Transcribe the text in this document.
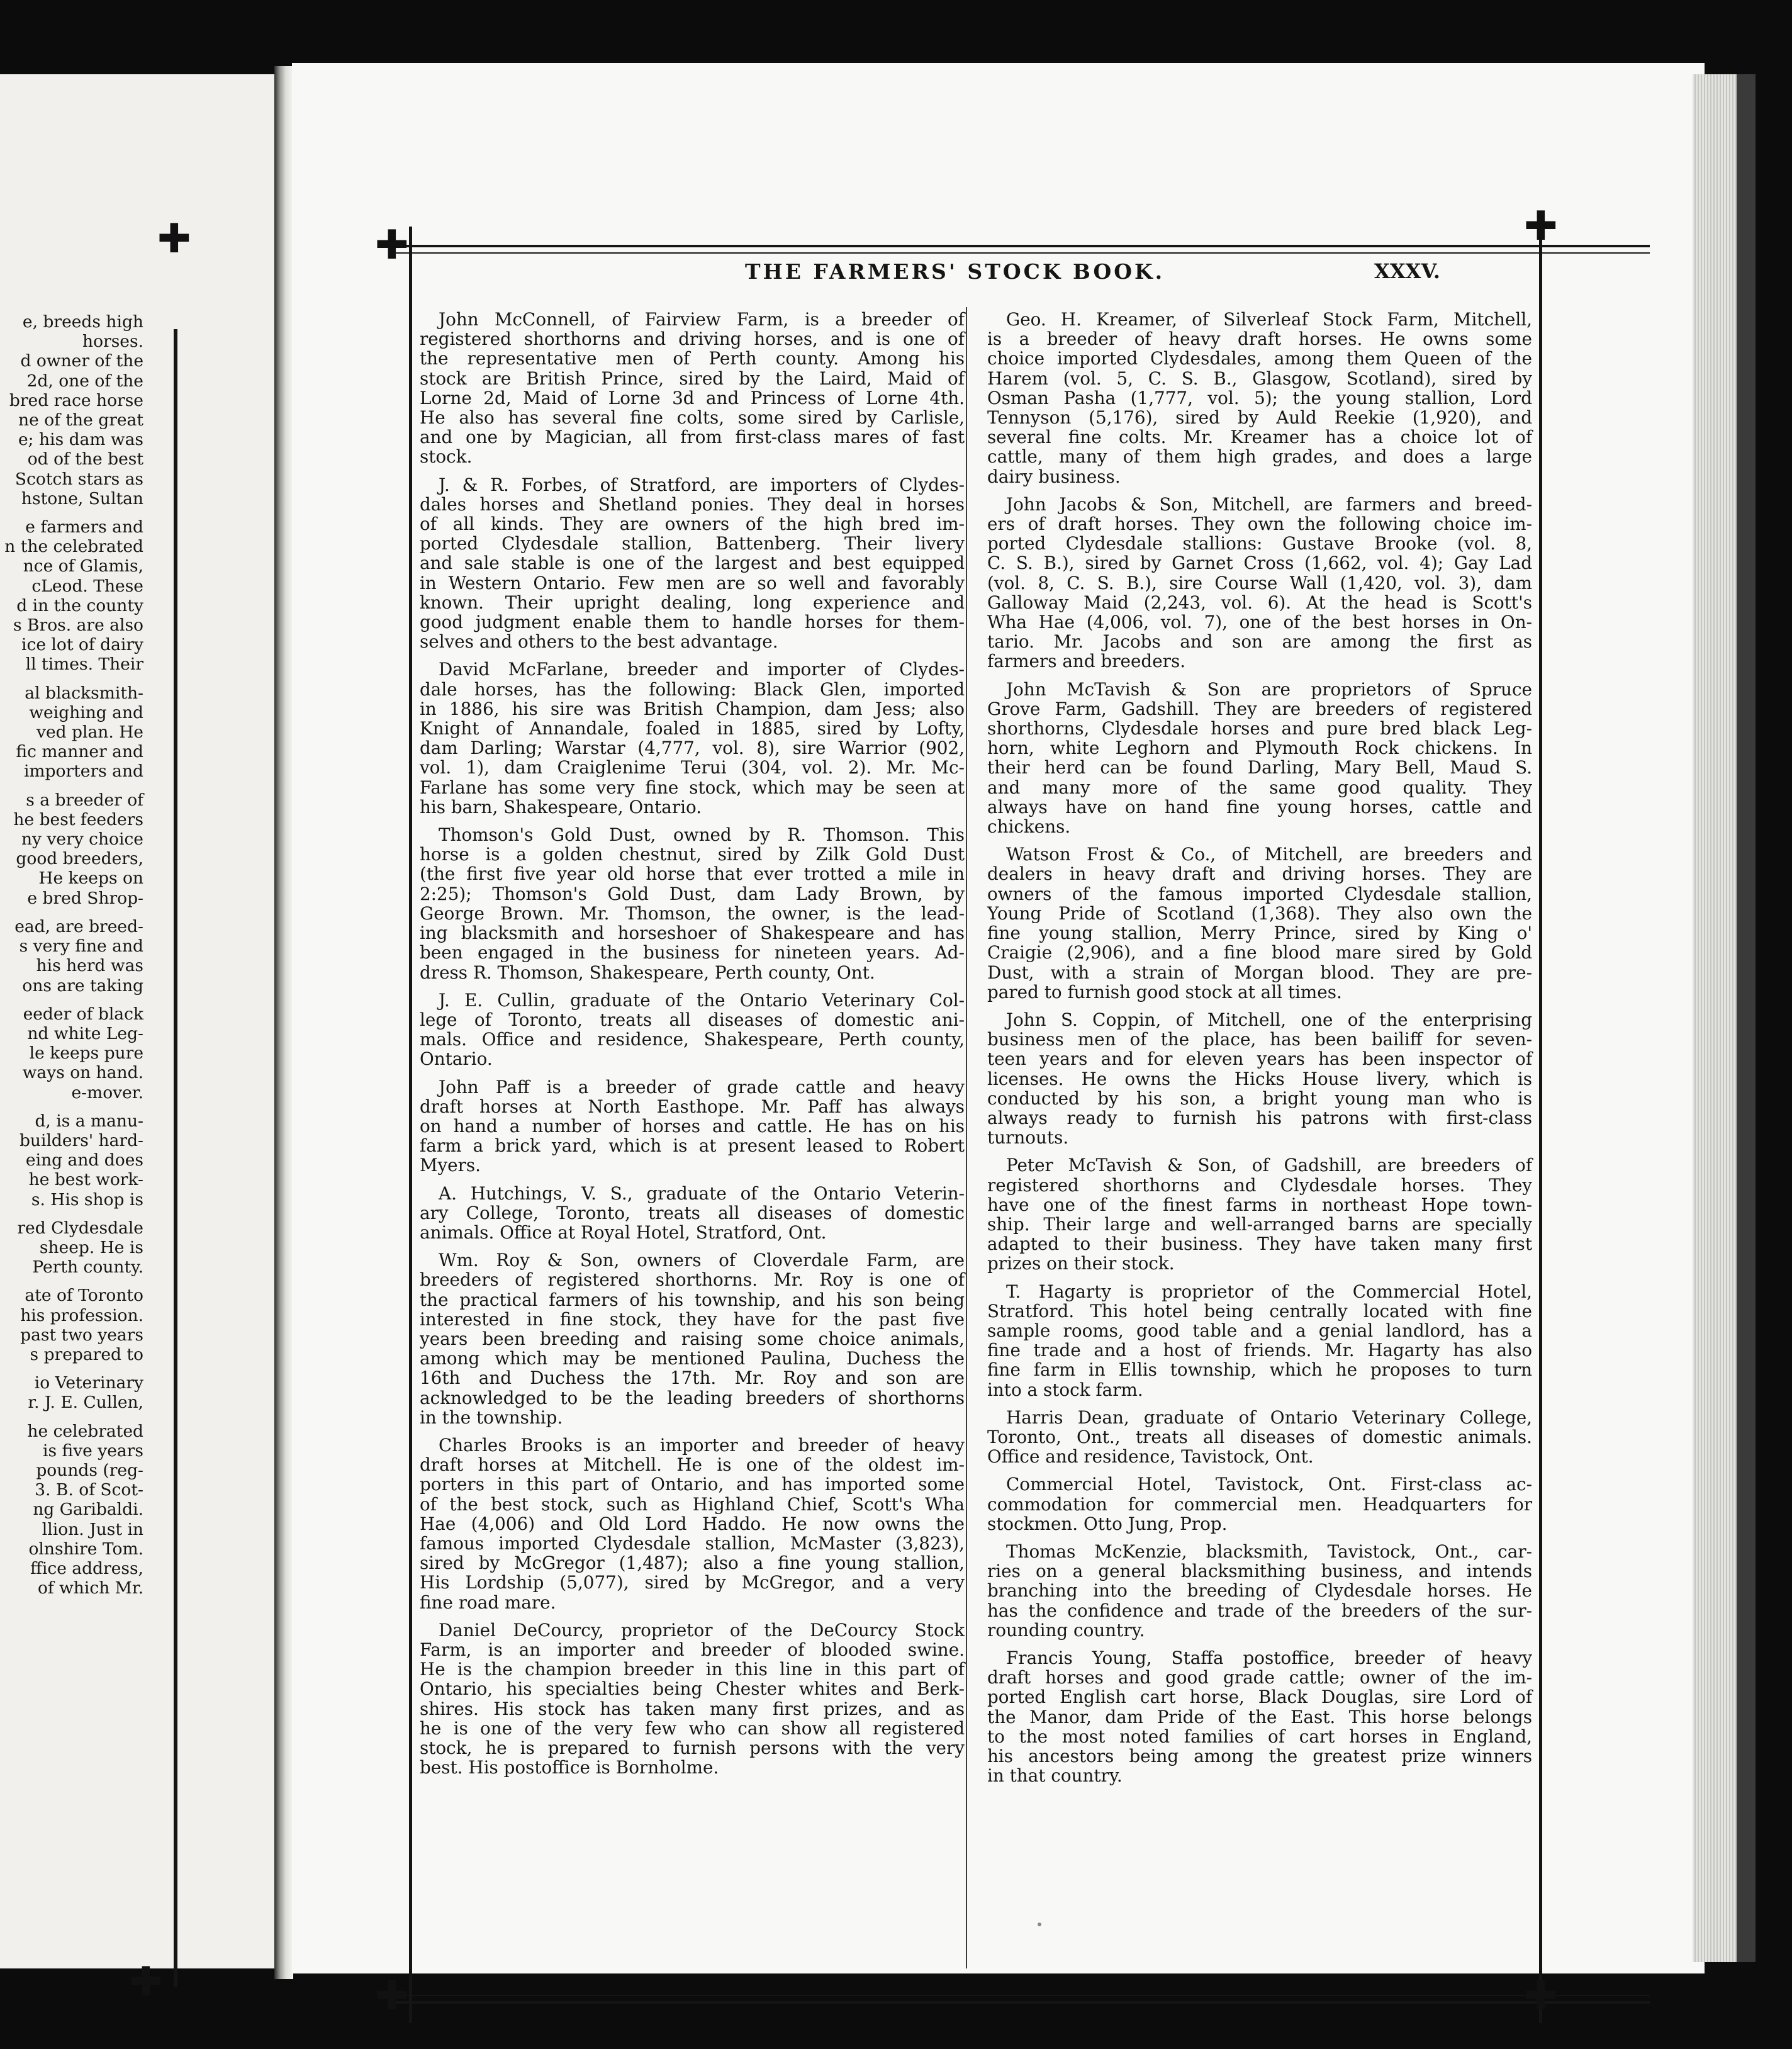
e, breeds high
horses.
d owner of the
2d, one of the
bred race horse
ne of the great
e; his dam was
od of the best
Scotch stars as
hstone, Sultan

e farmers and
n the celebrated
nce of Glamis,
cLeod. These
d in the county
s Bros. are also
ice lot of dairy
ll times. Their

al blacksmith-
weighing and
ved plan. He
fic manner and
importers and

s a breeder of
he best feeders
ny very choice
good breeders,
He keeps on
e bred Shrop-

ead, are breed-
s very fine and
his herd was
ons are taking

eeder of black
nd white Leg-
le keeps pure
ways on hand.
e-mover.

d, is a manu-
builders' hard-
eing and does
he best work-
s. His shop is

red Clydesdale
sheep. He is
Perth county.

ate of Toronto
his profession.
past two years
s prepared to

io Veterinary
r. J. E. Cullen,

he celebrated
is five years
pounds (reg-
3. B. of Scot-
ng Garibaldi.
llion. Just in
olnshire Tom.
ffice address,
of which Mr.

✚
✚
✚	✚
✚	✚
THE FARMERS' STOCK BOOK.	XXXV.

John McConnell, of Fairview Farm, is a breeder of
registered shorthorns and driving horses, and is one of
the representative men of Perth county. Among his
stock are British Prince, sired by the Laird, Maid of
Lorne 2d, Maid of Lorne 3d and Princess of Lorne 4th.
He also has several fine colts, some sired by Carlisle,
and one by Magician, all from first-class mares of fast
stock.

J. & R. Forbes, of Stratford, are importers of Clydes-
dales horses and Shetland ponies. They deal in horses
of all kinds. They are owners of the high bred im-
ported Clydesdale stallion, Battenberg. Their livery
and sale stable is one of the largest and best equipped
in Western Ontario. Few men are so well and favorably
known. Their upright dealing, long experience and
good judgment enable them to handle horses for them-
selves and others to the best advantage.

David McFarlane, breeder and importer of Clydes-
dale horses, has the following: Black Glen, imported
in 1886, his sire was British Champion, dam Jess; also
Knight of Annandale, foaled in 1885, sired by Lofty,
dam Darling; Warstar (4,777, vol. 8), sire Warrior (902,
vol. 1), dam Craiglenime Terui (304, vol. 2). Mr. Mc-
Farlane has some very fine stock, which may be seen at
his barn, Shakespeare, Ontario.

Thomson's Gold Dust, owned by R. Thomson. This
horse is a golden chestnut, sired by Zilk Gold Dust
(the first five year old horse that ever trotted a mile in
2:25); Thomson's Gold Dust, dam Lady Brown, by
George Brown. Mr. Thomson, the owner, is the lead-
ing blacksmith and horseshoer of Shakespeare and has
been engaged in the business for nineteen years. Ad-
dress R. Thomson, Shakespeare, Perth county, Ont.

J. E. Cullin, graduate of the Ontario Veterinary Col-
lege of Toronto, treats all diseases of domestic ani-
mals. Office and residence, Shakespeare, Perth county,
Ontario.

John Paff is a breeder of grade cattle and heavy
draft horses at North Easthope. Mr. Paff has always
on hand a number of horses and cattle. He has on his
farm a brick yard, which is at present leased to Robert
Myers.

A. Hutchings, V. S., graduate of the Ontario Veterin-
ary College, Toronto, treats all diseases of domestic
animals. Office at Royal Hotel, Stratford, Ont.

Wm. Roy & Son, owners of Cloverdale Farm, are
breeders of registered shorthorns. Mr. Roy is one of
the practical farmers of his township, and his son being
interested in fine stock, they have for the past five
years been breeding and raising some choice animals,
among which may be mentioned Paulina, Duchess the
16th and Duchess the 17th. Mr. Roy and son are
acknowledged to be the leading breeders of shorthorns
in the township.

Charles Brooks is an importer and breeder of heavy
draft horses at Mitchell. He is one of the oldest im-
porters in this part of Ontario, and has imported some
of the best stock, such as Highland Chief, Scott's Wha
Hae (4,006) and Old Lord Haddo. He now owns the
famous imported Clydesdale stallion, McMaster (3,823),
sired by McGregor (1,487); also a fine young stallion,
His Lordship (5,077), sired by McGregor, and a very
fine road mare.

Daniel DeCourcy, proprietor of the DeCourcy Stock
Farm, is an importer and breeder of blooded swine.
He is the champion breeder in this line in this part of
Ontario, his specialties being Chester whites and Berk-
shires. His stock has taken many first prizes, and as
he is one of the very few who can show all registered
stock, he is prepared to furnish persons with the very
best. His postoffice is Bornholme.

Geo. H. Kreamer, of Silverleaf Stock Farm, Mitchell,
is a breeder of heavy draft horses. He owns some
choice imported Clydesdales, among them Queen of the
Harem (vol. 5, C. S. B., Glasgow, Scotland), sired by
Osman Pasha (1,777, vol. 5); the young stallion, Lord
Tennyson (5,176), sired by Auld Reekie (1,920), and
several fine colts. Mr. Kreamer has a choice lot of
cattle, many of them high grades, and does a large
dairy business.

John Jacobs & Son, Mitchell, are farmers and breed-
ers of draft horses. They own the following choice im-
ported Clydesdale stallions: Gustave Brooke (vol. 8,
C. S. B.), sired by Garnet Cross (1,662, vol. 4); Gay Lad
(vol. 8, C. S. B.), sire Course Wall (1,420, vol. 3), dam
Galloway Maid (2,243, vol. 6). At the head is Scott's
Wha Hae (4,006, vol. 7), one of the best horses in On-
tario. Mr. Jacobs and son are among the first as
farmers and breeders.

John McTavish & Son are proprietors of Spruce
Grove Farm, Gadshill. They are breeders of registered
shorthorns, Clydesdale horses and pure bred black Leg-
horn, white Leghorn and Plymouth Rock chickens. In
their herd can be found Darling, Mary Bell, Maud S.
and many more of the same good quality. They
always have on hand fine young horses, cattle and
chickens.

Watson Frost & Co., of Mitchell, are breeders and
dealers in heavy draft and driving horses. They are
owners of the famous imported Clydesdale stallion,
Young Pride of Scotland (1,368). They also own the
fine young stallion, Merry Prince, sired by King o'
Craigie (2,906), and a fine blood mare sired by Gold
Dust, with a strain of Morgan blood. They are pre-
pared to furnish good stock at all times.

John S. Coppin, of Mitchell, one of the enterprising
business men of the place, has been bailiff for seven-
teen years and for eleven years has been inspector of
licenses. He owns the Hicks House livery, which is
conducted by his son, a bright young man who is
always ready to furnish his patrons with first-class
turnouts.

Peter McTavish & Son, of Gadshill, are breeders of
registered shorthorns and Clydesdale horses. They
have one of the finest farms in northeast Hope town-
ship. Their large and well-arranged barns are specially
adapted to their business. They have taken many first
prizes on their stock.

T. Hagarty is proprietor of the Commercial Hotel,
Stratford. This hotel being centrally located with fine
sample rooms, good table and a genial landlord, has a
fine trade and a host of friends. Mr. Hagarty has also
fine farm in Ellis township, which he proposes to turn
into a stock farm.

Harris Dean, graduate of Ontario Veterinary College,
Toronto, Ont., treats all diseases of domestic animals.
Office and residence, Tavistock, Ont.

Commercial Hotel, Tavistock, Ont. First-class ac-
commodation for commercial men. Headquarters for
stockmen. Otto Jung, Prop.

Thomas McKenzie, blacksmith, Tavistock, Ont., car-
ries on a general blacksmithing business, and intends
branching into the breeding of Clydesdale horses. He
has the confidence and trade of the breeders of the sur-
rounding country.

Francis Young, Staffa postoffice, breeder of heavy
draft horses and good grade cattle; owner of the im-
ported English cart horse, Black Douglas, sire Lord of
the Manor, dam Pride of the East. This horse belongs
to the most noted families of cart horses in England,
his ancestors being among the greatest prize winners
in that country.
